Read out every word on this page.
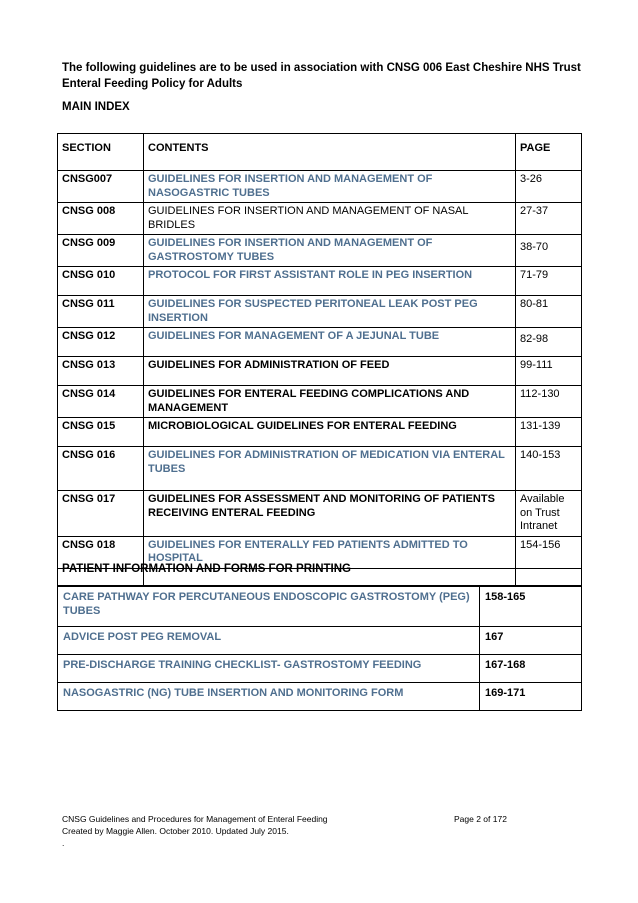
The following guidelines are to be used in association with CNSG 006 East Cheshire NHS Trust Enteral Feeding Policy for Adults
MAIN INDEX
SECTION	CONTENTS	PAGE
CNSG007	GUIDELINES FOR INSERTION AND MANAGEMENT OF NASOGASTRIC TUBES	3-26
CNSG 008	GUIDELINES FOR INSERTION AND MANAGEMENT OF NASAL BRIDLES	27-37
CNSG 009	GUIDELINES FOR INSERTION AND MANAGEMENT OF GASTROSTOMY TUBES	38-70
CNSG 010	PROTOCOL FOR FIRST ASSISTANT ROLE IN PEG INSERTION	71-79
CNSG 011	GUIDELINES FOR SUSPECTED PERITONEAL LEAK POST PEG INSERTION	80-81
CNSG 012	GUIDELINES FOR MANAGEMENT OF A JEJUNAL TUBE	82-98
CNSG 013	GUIDELINES FOR ADMINISTRATION OF FEED	99-111
CNSG 014	GUIDELINES FOR ENTERAL FEEDING COMPLICATIONS AND MANAGEMENT	112-130
CNSG 015	MICROBIOLOGICAL GUIDELINES FOR ENTERAL FEEDING	131-139
CNSG 016	GUIDELINES FOR ADMINISTRATION OF MEDICATION VIA ENTERAL TUBES	140-153
CNSG 017	GUIDELINES FOR ASSESSMENT AND MONITORING OF PATIENTS RECEIVING ENTERAL FEEDING	Available on Trust Intranet
CNSG 018	GUIDELINES FOR ENTERALLY FED PATIENTS ADMITTED TO HOSPITAL	154-156

PATIENT INFORMATION AND FORMS FOR PRINTING
CARE PATHWAY FOR PERCUTANEOUS ENDOSCOPIC GASTROSTOMY (PEG) TUBES	158-165
ADVICE POST PEG REMOVAL	167
PRE-DISCHARGE TRAINING CHECKLIST- GASTROSTOMY FEEDING	167-168
NASOGASTRIC (NG) TUBE INSERTION AND MONITORING FORM	169-171
CNSG Guidelines and Procedures for Management of Enteral Feeding	Page 2 of 172
Created by Maggie Allen. October 2010. Updated July 2015.
.
